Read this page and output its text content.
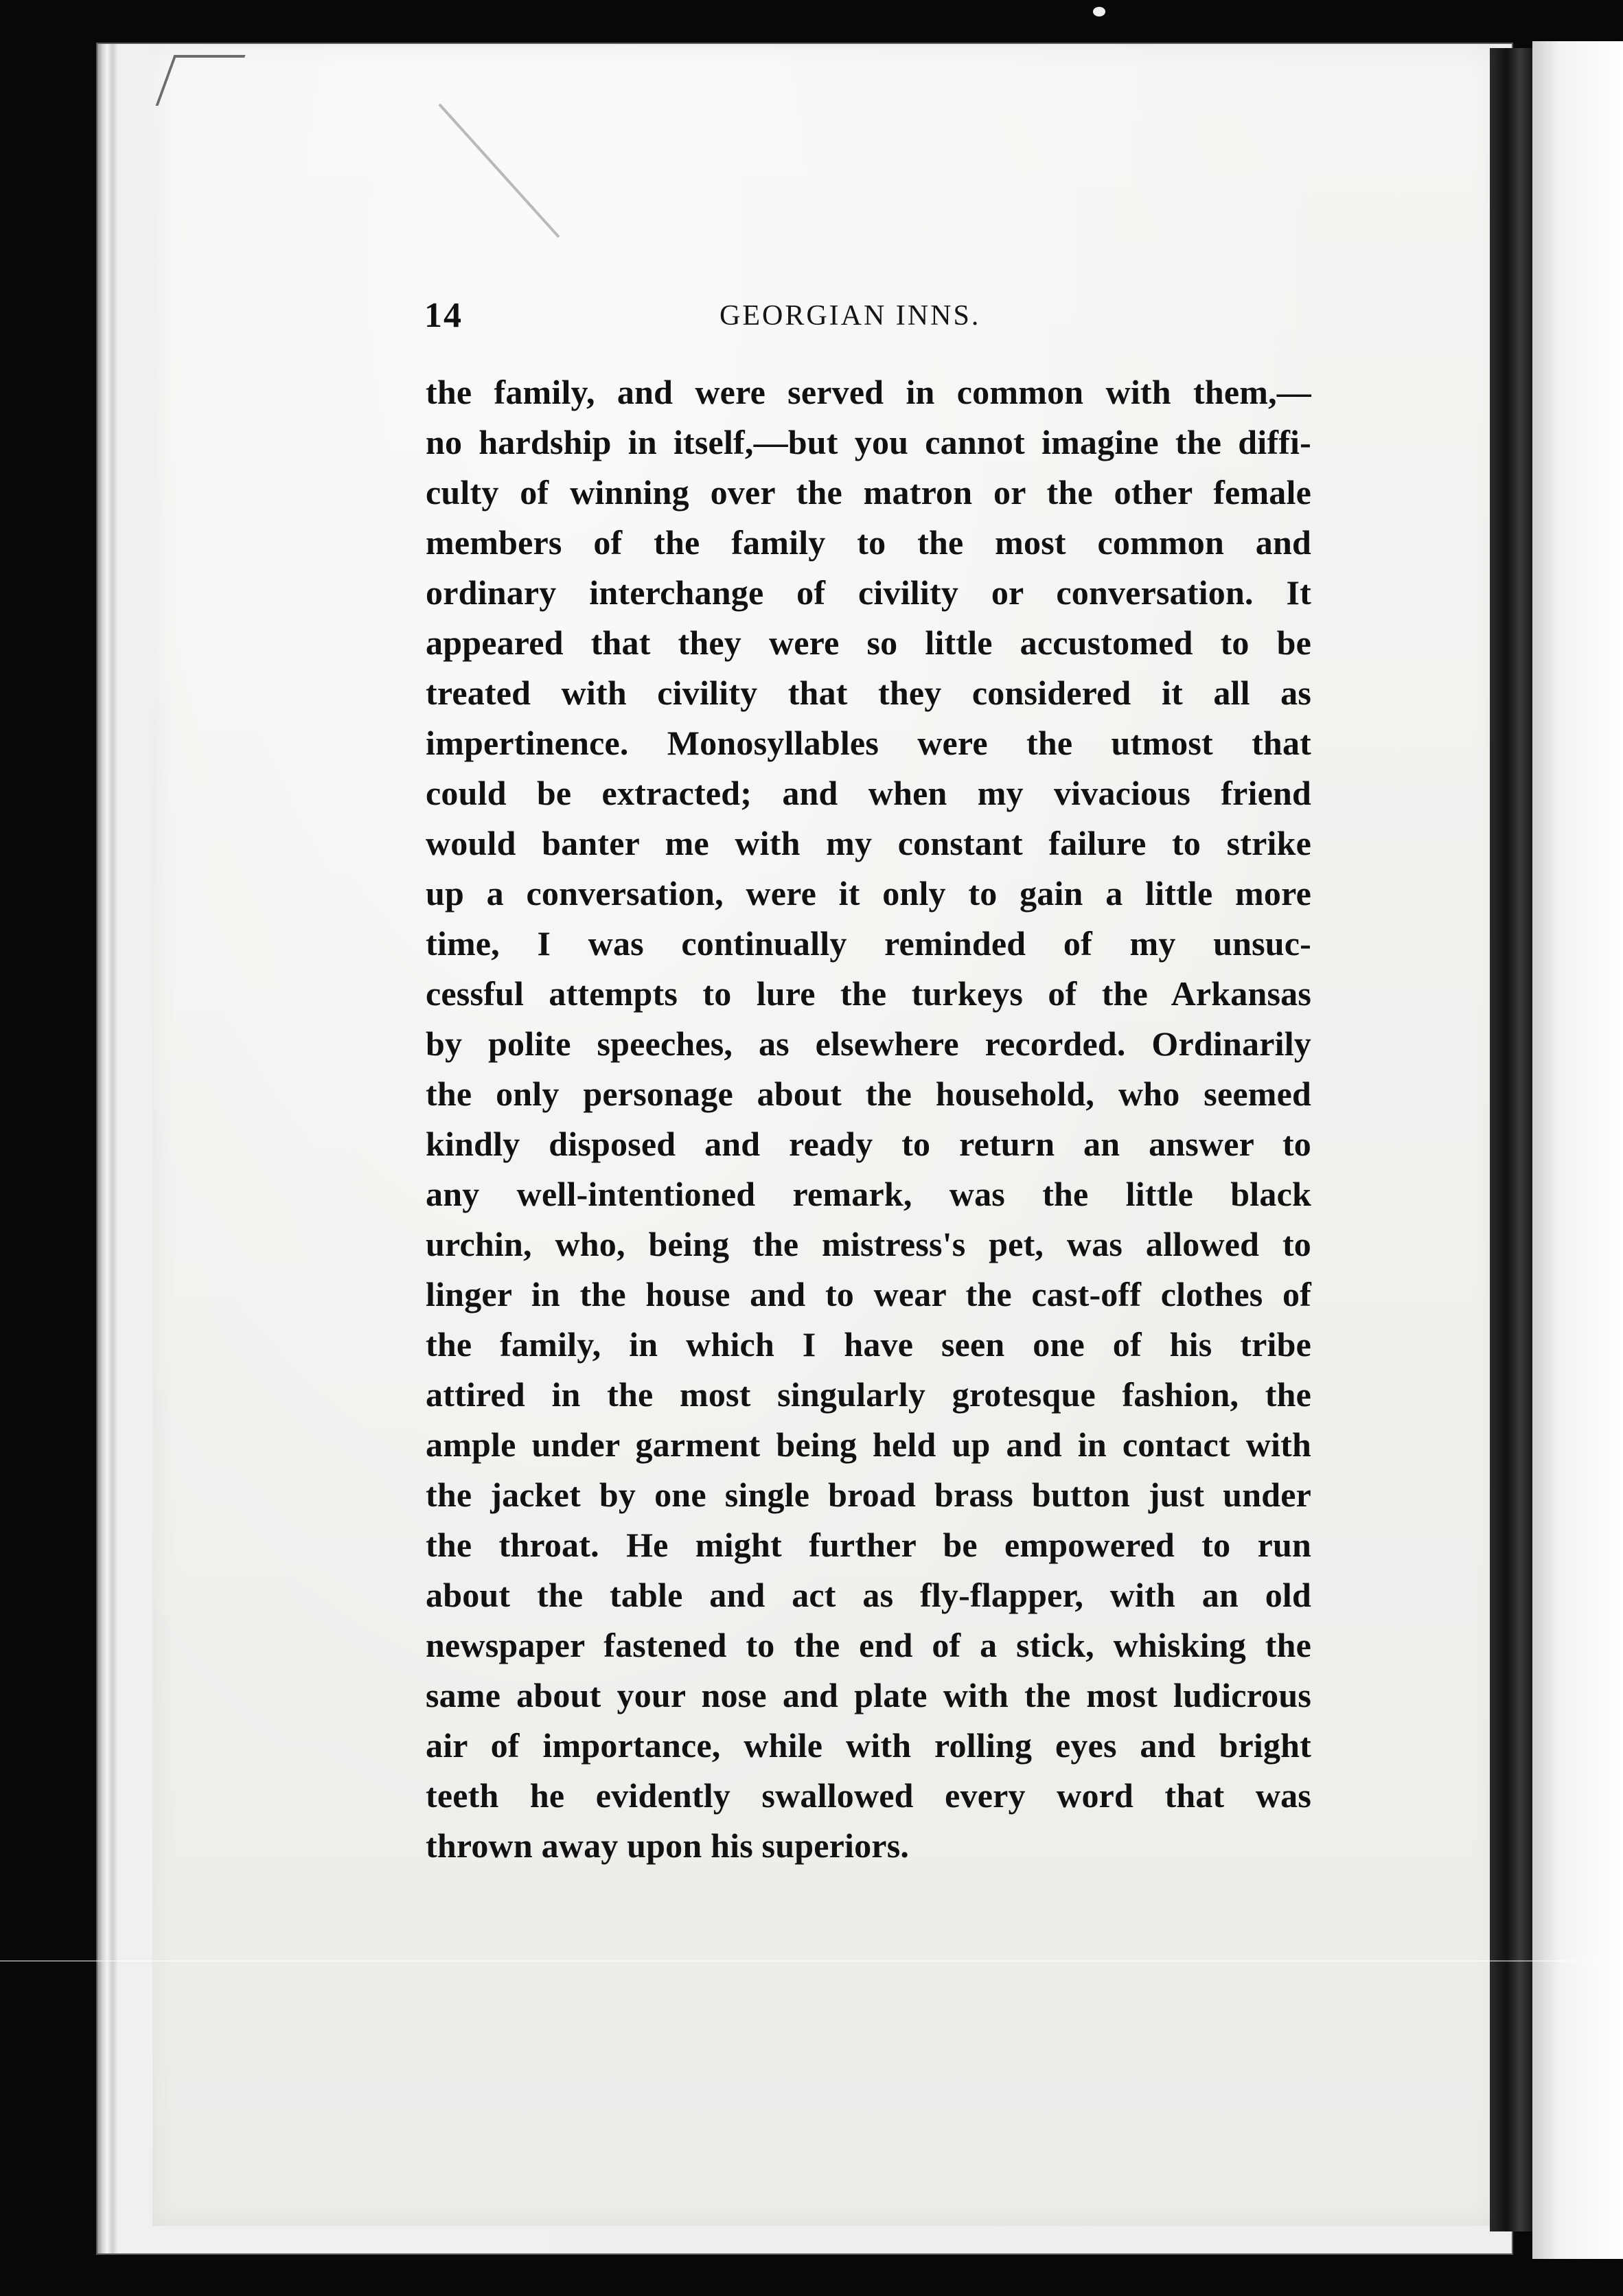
14	GEORGIAN INNS.
the family, and were served in common with them,—
no hardship in itself,—but you cannot imagine the diffi-
culty of winning over the matron or the other female
members of the family to the most common and
ordinary interchange of civility or conversation. It
appeared that they were so little accustomed to be
treated with civility that they considered it all as
impertinence. Monosyllables were the utmost that
could be extracted; and when my vivacious friend
would banter me with my constant failure to strike
up a conversation, were it only to gain a little more
time, I was continually reminded of my unsuc-
cessful attempts to lure the turkeys of the Arkansas
by polite speeches, as elsewhere recorded. Ordinarily
the only personage about the household, who seemed
kindly disposed and ready to return an answer to
any well-intentioned remark, was the little black
urchin, who, being the mistress's pet, was allowed to
linger in the house and to wear the cast-off clothes of
the family, in which I have seen one of his tribe
attired in the most singularly grotesque fashion, the
ample under garment being held up and in contact with
the jacket by one single broad brass button just under
the throat. He might further be empowered to run
about the table and act as fly-flapper, with an old
newspaper fastened to the end of a stick, whisking the
same about your nose and plate with the most ludicrous
air of importance, while with rolling eyes and bright
teeth he evidently swallowed every word that was
thrown away upon his superiors.
